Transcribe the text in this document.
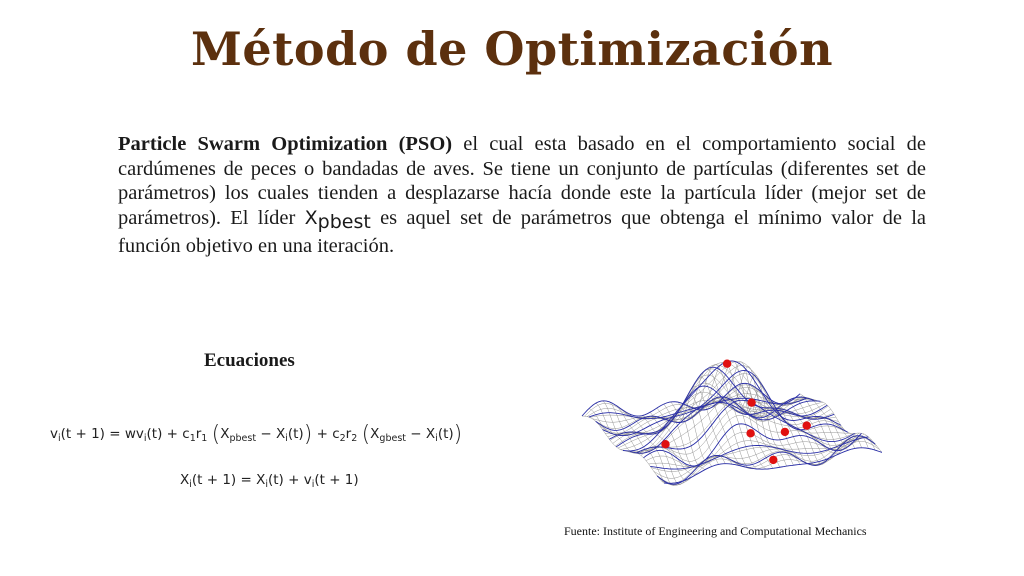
Método de Optimización
Particle Swarm Optimization (PSO) el cual esta basado en el comportamiento social de cardúmenes de peces o bandadas de aves. Se tiene un conjunto de partículas (diferentes set de parámetros) los cuales tienden a desplazarse hacía donde este la partícula líder (mejor set de parámetros). El líder Xpbest es aquel set de parámetros que obtenga el mínimo valor de la función objetivo en una iteración.
Ecuaciones
$v_i(t + 1) = wv_i(t) + c_1r_1$ $(X_{pbest} - X_i(t)) + c_2r_2$ $(X_{gbest} - X_i(t))$
$X_i(t + 1) = X_i(t) + v_i(t + 1)$
Fuente: Institute of Engineering and Computational Mechanics
